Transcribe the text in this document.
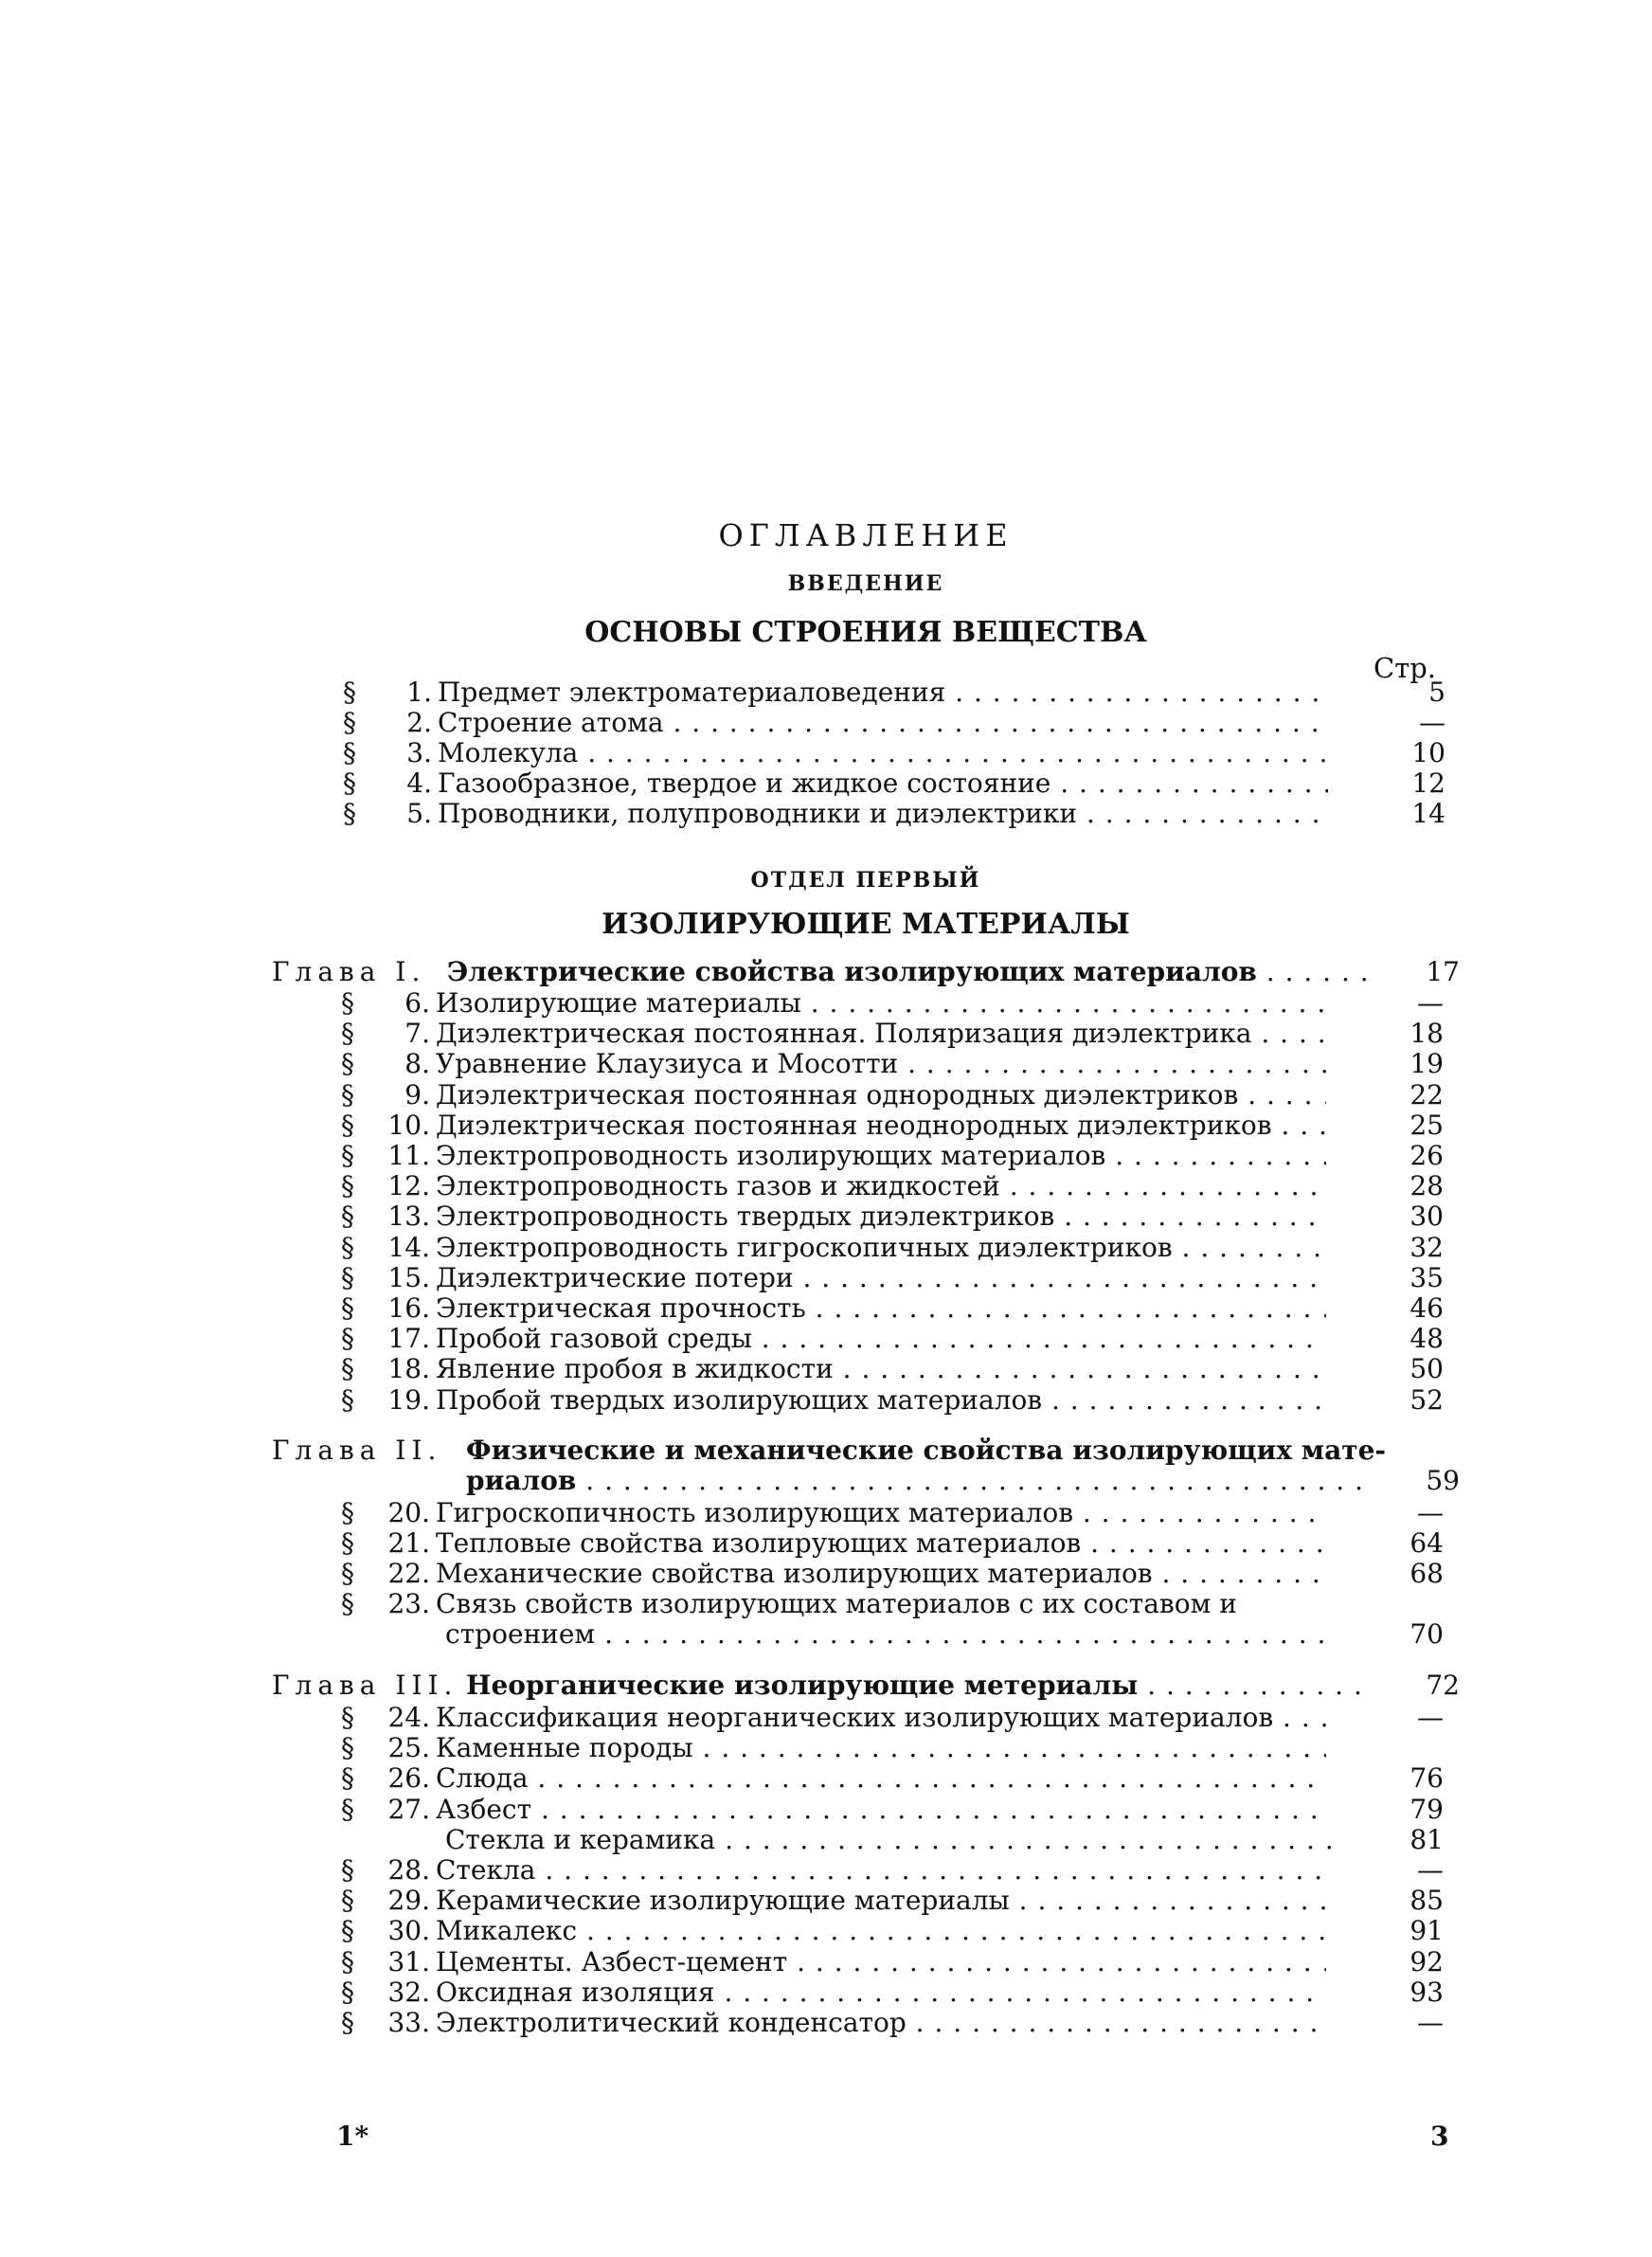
ОГЛАВЛЕНИЕ
ВВЕДЕНИЕ
ОСНОВЫ СТРОЕНИЯ ВЕЩЕСТВА
Стр.
§	1. Предмет электроматериаловедения . . .	5
§	2. Строение атома . . .	—
§	3. Молекула . . .	10
§	4. Газообразное, твердое и жидкое состояние . . .	12
§	5. Проводники, полупроводники и диэлектрики . . .	14
ОТДЕЛ ПЕРВЫЙ
ИЗОЛИРУЮЩИЕ МАТЕРИАЛЫ
Глава I. Электрические свойства изолирующих материалов . . .	17
§	6. Изолирующие материалы . . .	—
§	7. Диэлектрическая постоянная. Поляризация диэлектрика . . .	18
§	8. Уравнение Клаузиуса и Мосотти . . .	19
§	9. Диэлектрическая постоянная однородных диэлектриков . . .	22
§	10. Диэлектрическая постоянная неоднородных диэлектриков . . .	25
§	11. Электропроводность изолирующих материалов . . .	26
§	12. Электропроводность газов и жидкостей . . .	28
§	13. Электропроводность твердых диэлектриков . . .	30
§	14. Электропроводность гигроскопичных диэлектриков . . .	32
§	15. Диэлектрические потери . . .	35
§	16. Электрическая прочность . . .	46
§	17. Пробой газовой среды . . .	48
§	18. Явление пробоя в жидкости . . .	50
§	19. Пробой твердых изолирующих материалов . . .	52
Глава II. Физические и механические свойства изолирующих мате-
риалов . . .	59
§	20. Гигроскопичность изолирующих материалов . . .	—
§	21. Тепловые свойства изолирующих материалов . . .	64
§	22. Механические свойства изолирующих материалов . . .	68
§	23. Связь свойств изолирующих материалов с их составом и
строением . . .	70
Глава III. Неорганические изолирующие метериалы . . .	72
§	24. Классификация неорганических изолирующих материалов . . .	—
§	25. Каменные породы . . .
§	26. Слюда . . .	76
§	27. Азбест . . .	79
Стекла и керамика . . .	81
§	28. Стекла . . .	—
§	29. Керамические изолирующие материалы . . .	85
§	30. Микалекс . . .	91
§	31. Цементы. Азбест-цемент . . .	92
§	32. Оксидная изоляция . . .	93
§	33. Электролитический конденсатор . . .	—
1*	3
